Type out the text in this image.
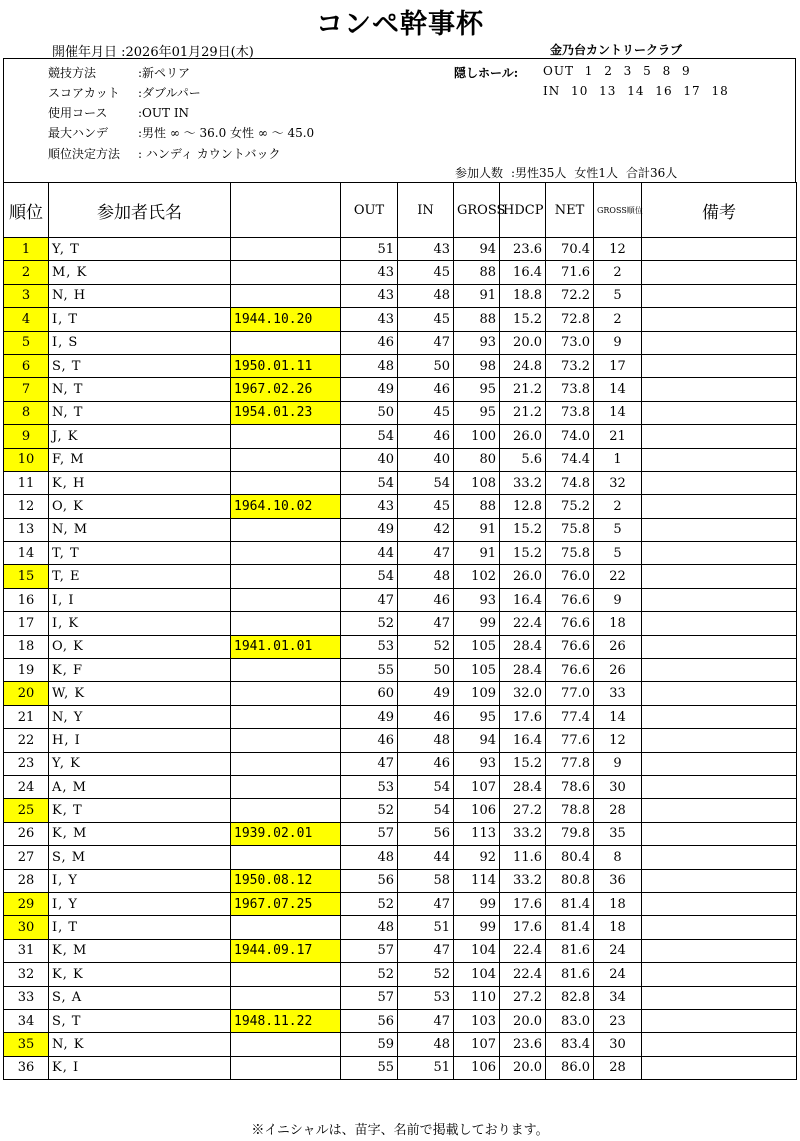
コンペ幹事杯
開催年月日 :2026年01月29日(木)	金乃台カントリークラブ
競技方法	:新ペリア
スコアカット :ダブルパー
使用コース	:OUT IN
最大ハンデ :男性 ∞ 〜 36.0 女性 ∞ 〜 45.0
順位決定方法 : ハンディ カウントバック
隠しホール: OUT 1 2 3 5 8 9
IN 10 13 14 16 17 18
参加人数 :男性35人 女性1人 合計36人
順位	参加者氏名		OUT	IN	GROSS	HDCP	NET	GROSS順位	備考
1	Y, T		51	43	94	23.6	70.4	12	
2	M, K		43	45	88	16.4	71.6	2	
3	N, H		43	48	91	18.8	72.2	5	
4	I, T	1944.10.20	43	45	88	15.2	72.8	2	
5	I, S		46	47	93	20.0	73.0	9	
6	S, T	1950.01.11	48	50	98	24.8	73.2	17	
7	N, T	1967.02.26	49	46	95	21.2	73.8	14	
8	N, T	1954.01.23	50	45	95	21.2	73.8	14	
9	J, K		54	46	100	26.0	74.0	21	
10	F, M		40	40	80	5.6	74.4	1	
11	K, H		54	54	108	33.2	74.8	32	
12	O, K	1964.10.02	43	45	88	12.8	75.2	2	
13	N, M		49	42	91	15.2	75.8	5	
14	T, T		44	47	91	15.2	75.8	5	
15	T, E		54	48	102	26.0	76.0	22	
16	I, I		47	46	93	16.4	76.6	9	
17	I, K		52	47	99	22.4	76.6	18	
18	O, K	1941.01.01	53	52	105	28.4	76.6	26	
19	K, F		55	50	105	28.4	76.6	26	
20	W, K		60	49	109	32.0	77.0	33	
21	N, Y		49	46	95	17.6	77.4	14	
22	H, I		46	48	94	16.4	77.6	12	
23	Y, K		47	46	93	15.2	77.8	9	
24	A, M		53	54	107	28.4	78.6	30	
25	K, T		52	54	106	27.2	78.8	28	
26	K, M	1939.02.01	57	56	113	33.2	79.8	35	
27	S, M		48	44	92	11.6	80.4	8	
28	I, Y	1950.08.12	56	58	114	33.2	80.8	36	
29	I, Y	1967.07.25	52	47	99	17.6	81.4	18	
30	I, T		48	51	99	17.6	81.4	18	
31	K, M	1944.09.17	57	47	104	22.4	81.6	24	
32	K, K		52	52	104	22.4	81.6	24	
33	S, A		57	53	110	27.2	82.8	34	
34	S, T	1948.11.22	56	47	103	20.0	83.0	23	
35	N, K		59	48	107	23.6	83.4	30	
36	K, I		55	51	106	20.0	86.0	28	
※イニシャルは、苗字、名前で掲載しております。
